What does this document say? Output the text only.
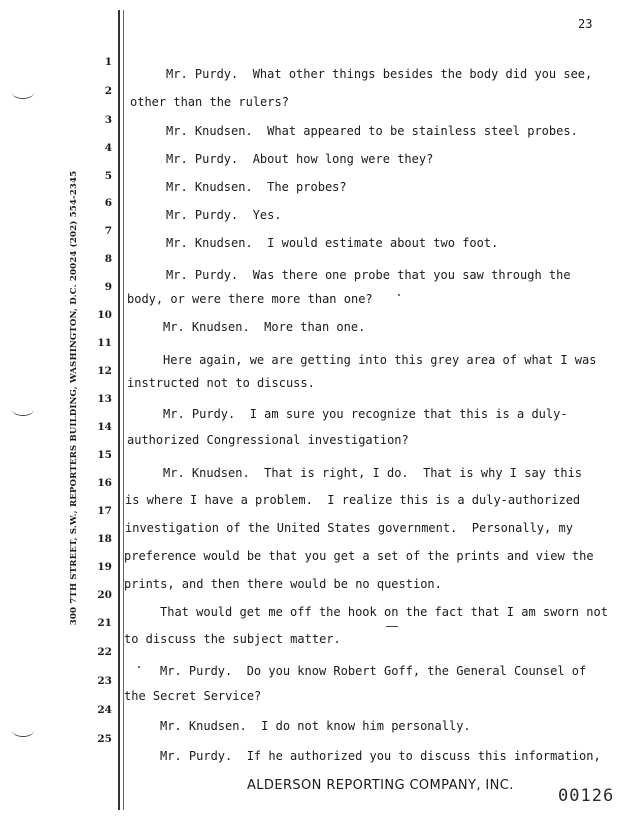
23
300 7TH STREET, S.W., REPORTERS BUILDING, WASHINGTON, D.C. 20024 (202) 554-2345
1
2
3
4
5
6
7
8
9
10
11
12
13
14
15
16
17
18
19
20
21
22
23
24
25
Mr. Purdy.  What other things besides the body did you see,
other than the rulers?
Mr. Knudsen.  What appeared to be stainless steel probes.
Mr. Purdy.  About how long were they?
Mr. Knudsen.  The probes?
Mr. Purdy.  Yes.
Mr. Knudsen.  I would estimate about two foot.
Mr. Purdy.  Was there one probe that you saw through the
body, or were there more than one?
Mr. Knudsen.  More than one.
Here again, we are getting into this grey area of what I was
instructed not to discuss.
Mr. Purdy.  I am sure you recognize that this is a duly-
authorized Congressional investigation?
Mr. Knudsen.  That is right, I do.  That is why I say this
is where I have a problem.  I realize this is a duly-authorized
investigation of the United States government.  Personally, my
preference would be that you get a set of the prints and view the
prints, and then there would be no question.
That would get me off the hook on the fact that I am sworn not
to discuss the subject matter.
Mr. Purdy.  Do you know Robert Goff, the General Counsel of
the Secret Service?
Mr. Knudsen.  I do not know him personally.
Mr. Purdy.  If he authorized you to discuss this information,
ALDERSON REPORTING COMPANY, INC.
00126
